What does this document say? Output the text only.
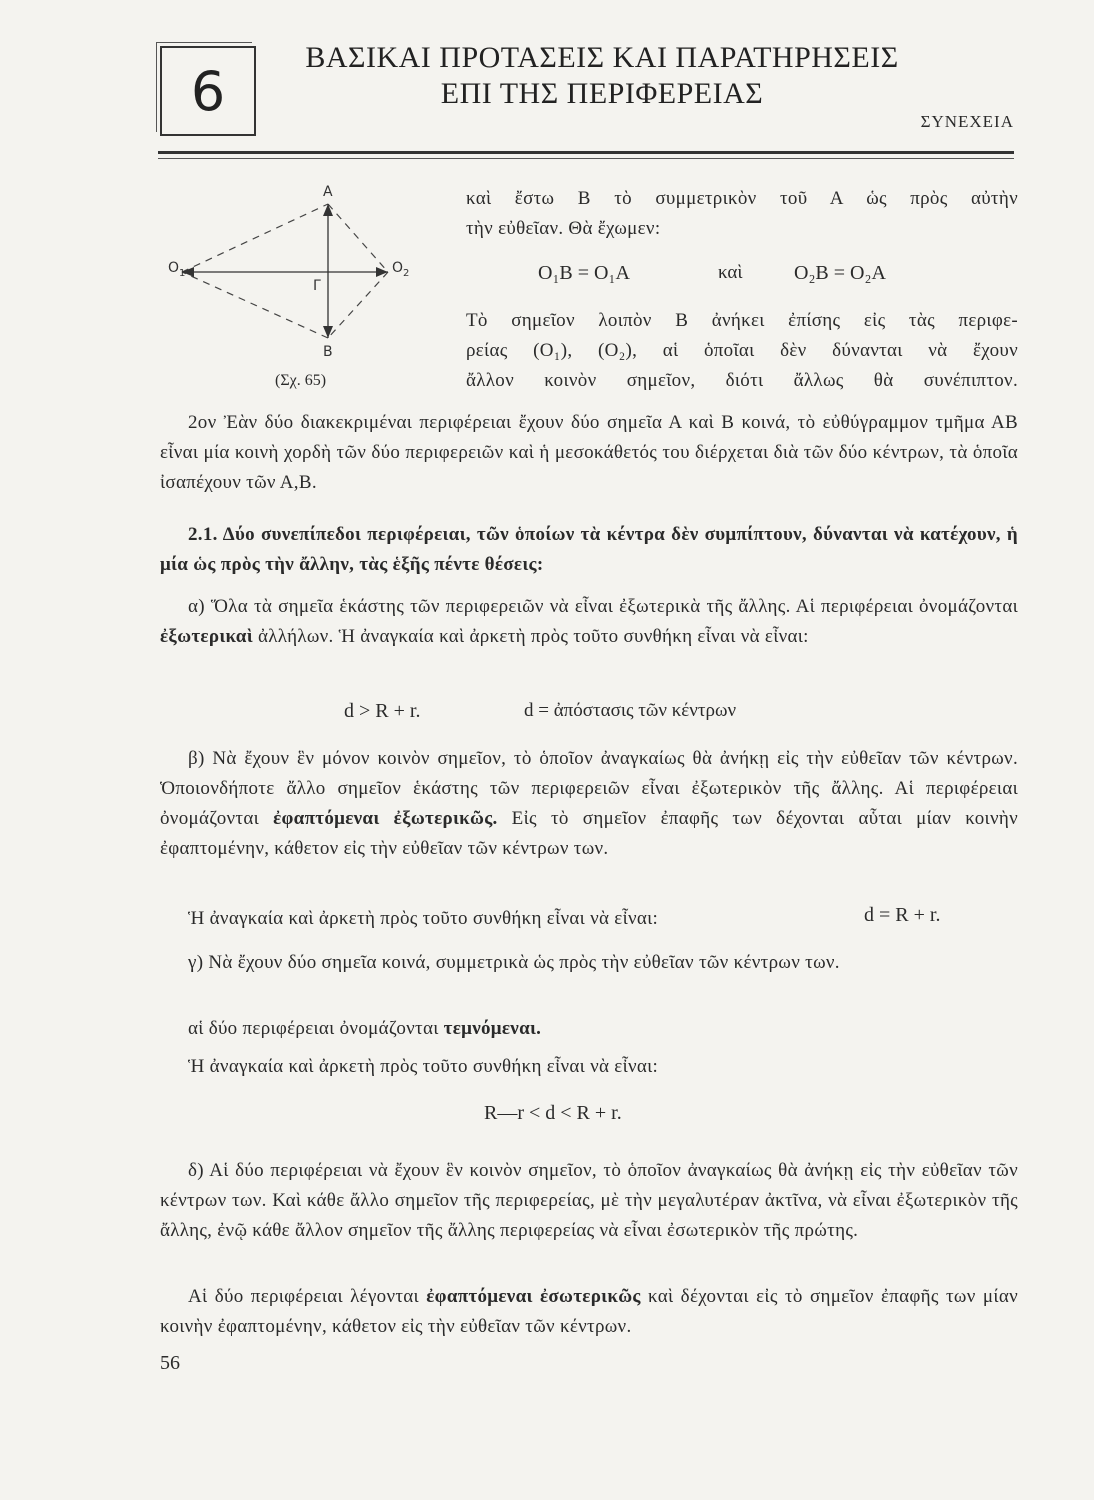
6
ΒΑΣΙΚΑΙ ΠΡΟΤΑΣΕΙΣ ΚΑΙ ΠΑΡΑΤΗΡΗΣΕΙΣ
ΕΠΙ ΤΗΣ ΠΕΡΙΦΕΡΕΙΑΣ
ΣΥΝΕΧΕΙΑ
A
$O_1$	$O_2$
Γ
B
(Σχ. 65)
καὶ ἔστω Β τὸ συμμετρικὸν τοῦ Α ὡς πρὸς αὐτὴν
τὴν εὐθεῖαν. Θὰ ἔχωμεν:
O₁B = O₁A	καὶ	O₂B = O₂A
Τὸ σημεῖον λοιπὸν Β ἀνήκει ἐπίσης εἰς τὰς περιφε-
ρείας (O₁), (O₂), αἱ ὁποῖαι δὲν δύνανται νὰ ἔχουν
ἄλλον κοινὸν σημεῖον, διότι ἄλλως θὰ συνέπιπτον.
2ον Ἐὰν δύο διακεκριμέναι περιφέρειαι ἔχουν δύο σημεῖα Α καὶ Β κοινά, τὸ εὐθύγραμμον τμῆμα ΑΒ εἶναι μία κοινὴ χορδὴ τῶν δύο περιφερειῶν καὶ ἡ μεσοκάθετός του διέρχεται διὰ τῶν δύο κέντρων, τὰ ὁποῖα ἰσαπέχουν τῶν Α,Β.
2.1. Δύο συνεπίπεδοι περιφέρειαι, τῶν ὁποίων τὰ κέντρα δὲν συμπίπτουν, δύνανται νὰ κατέχουν, ἡ μία ὡς πρὸς τὴν ἄλλην, τὰς ἑξῆς πέντε θέσεις:
α) Ὅλα τὰ σημεῖα ἑκάστης τῶν περιφερειῶν νὰ εἶναι ἐξωτερικὰ τῆς ἄλλης. Αἱ περιφέρειαι ὀνομάζονται ἐξωτερικαὶ ἀλλήλων. Ἡ ἀναγκαία καὶ ἀρκετὴ πρὸς τοῦτο συνθήκη εἶναι νὰ εἶναι:
d > R + r.	d = ἀπόστασις τῶν κέντρων
β) Νὰ ἔχουν ἓν μόνον κοινὸν σημεῖον, τὸ ὁποῖον ἀναγκαίως θὰ ἀνήκῃ εἰς τὴν εὐθεῖαν τῶν κέντρων. Ὁποιονδήποτε ἄλλο σημεῖον ἑκάστης τῶν περιφερειῶν εἶναι ἐξωτερικὸν τῆς ἄλλης. Αἱ περιφέρειαι ὀνομάζονται ἐφαπτόμεναι ἐξωτερικῶς. Εἰς τὸ σημεῖον ἐπαφῆς των δέχονται αὗται μίαν κοινὴν ἐφαπτομένην, κάθετον εἰς τὴν εὐθεῖαν τῶν κέντρων των.
Ἡ ἀναγκαία καὶ ἀρκετὴ πρὸς τοῦτο συνθήκη εἶναι νὰ εἶναι:	d = R + r.
γ) Νὰ ἔχουν δύο σημεῖα κοινά, συμμετρικὰ ὡς πρὸς τὴν εὐθεῖαν τῶν κέντρων των.
αἱ δύο περιφέρειαι ὀνομάζονται τεμνόμεναι.
Ἡ ἀναγκαία καὶ ἀρκετὴ πρὸς τοῦτο συνθήκη εἶναι νὰ εἶναι:
R—r < d < R + r.
δ) Αἱ δύο περιφέρειαι νὰ ἔχουν ἓν κοινὸν σημεῖον, τὸ ὁποῖον ἀναγκαίως θὰ ἀνήκῃ εἰς τὴν εὐθεῖαν τῶν κέντρων των. Καὶ κάθε ἄλλο σημεῖον τῆς περιφερείας, μὲ τὴν μεγαλυτέραν ἀκτῖνα, νὰ εἶναι ἐξωτερικὸν τῆς ἄλλης, ἐνῷ κάθε ἄλλον σημεῖον τῆς ἄλλης περιφερείας νὰ εἶναι ἐσωτερικὸν τῆς πρώτης.
Αἱ δύο περιφέρειαι λέγονται ἐφαπτόμεναι ἐσωτερικῶς καὶ δέχονται εἰς τὸ σημεῖον ἐπαφῆς των μίαν κοινὴν ἐφαπτομένην, κάθετον εἰς τὴν εὐθεῖαν τῶν κέντρων.
56
